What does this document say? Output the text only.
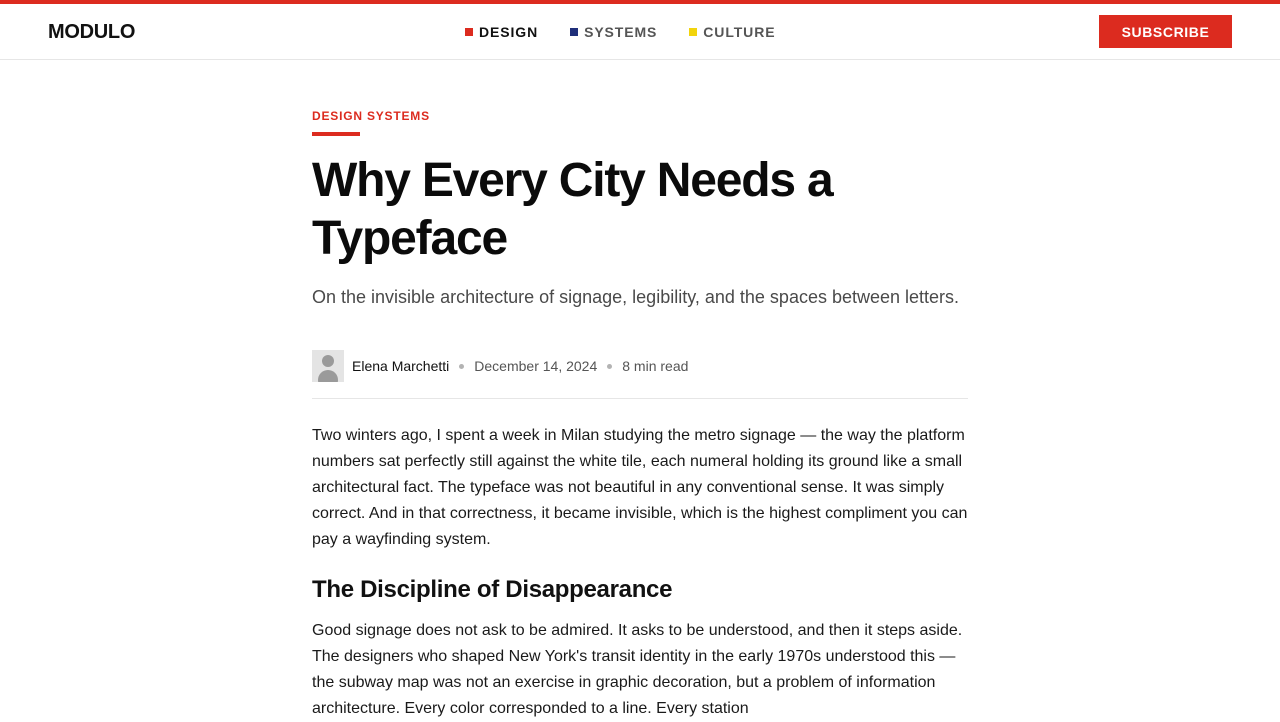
MODULO	DESIGN	SYSTEMS	CULTURE	SUBSCRIBE
DESIGN SYSTEMS
Why Every City Needs a Typeface

On the invisible architecture of signage, legibility, and the spaces between letters.

Elena Marchetti December 14, 2024 8 min read

Two winters ago, I spent a week in Milan studying the metro signage — the way the platform numbers sat perfectly still against the white tile, each numeral holding its ground like a small architectural fact. The typeface was not beautiful in any conventional sense. It was simply correct. And in that correctness, it became invisible, which is the highest compliment you can pay a wayfinding system.

The Discipline of Disappearance

Good signage does not ask to be admired. It asks to be understood, and then it steps aside. The designers who shaped New York's transit identity in the early 1970s understood this — the subway map was not an exercise in graphic decoration, but a problem of information architecture. Every color corresponded to a line. Every station
